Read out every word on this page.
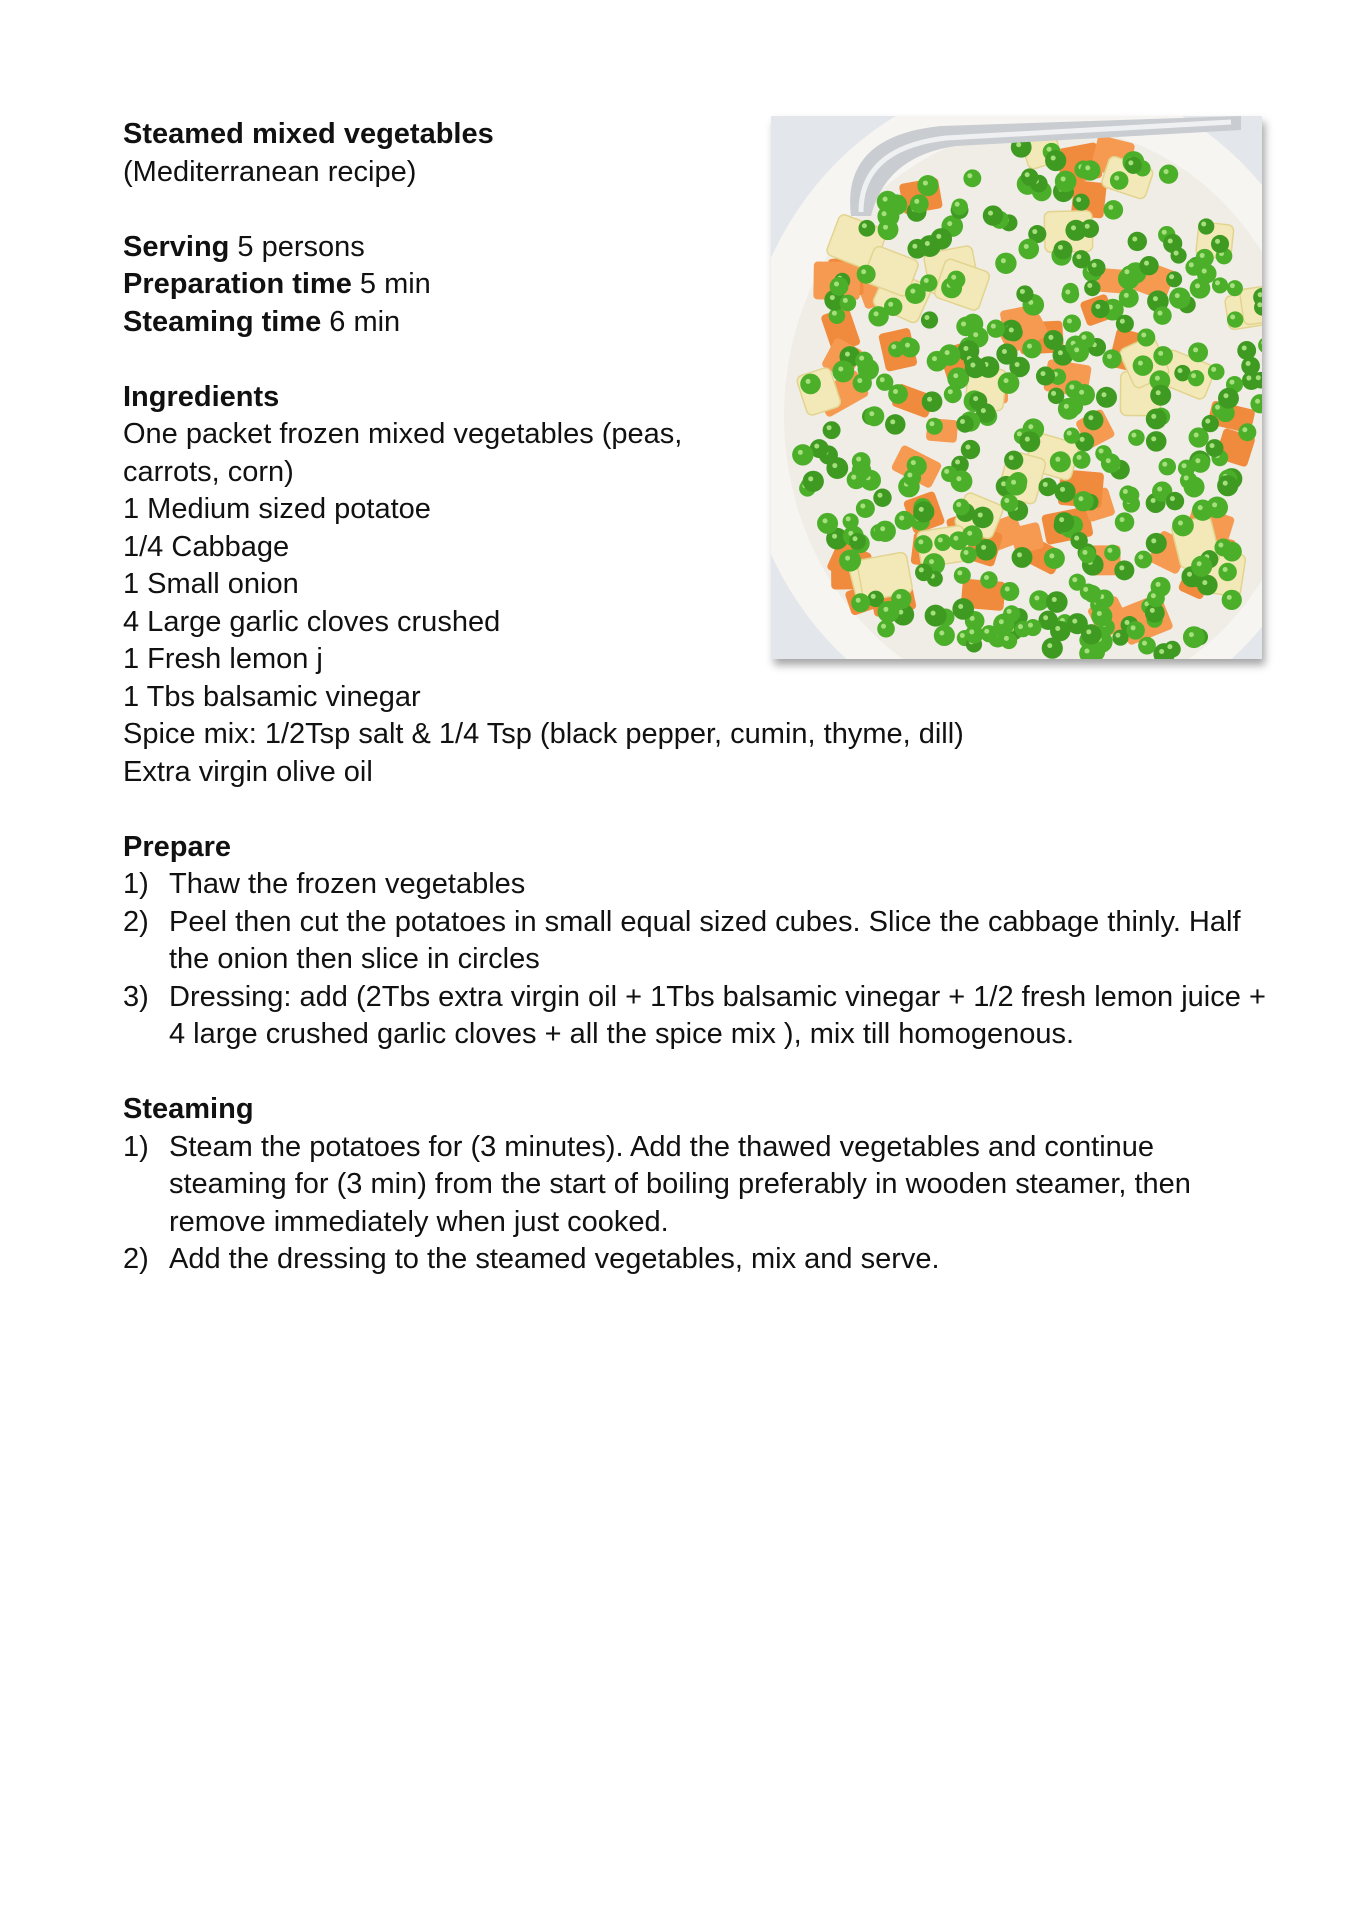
Steamed mixed vegetables
(Mediterranean recipe)
Serving 5 persons
Preparation time 5 min
Steaming time 6 min
Ingredients
One packet frozen mixed vegetables (peas, carrots, corn)
1 Medium sized potatoe
1/4 Cabbage
1 Small onion
4 Large garlic cloves crushed
1 Fresh lemon j
1 Tbs balsamic vinegar
Spice mix: 1/2Tsp salt & 1/4 Tsp (black pepper, cumin, thyme, dill)
Extra virgin olive oil
Prepare
1) Thaw the frozen vegetables
2) Peel then cut the potatoes in small equal sized cubes. Slice the cabbage thinly. Half the onion then slice in circles
3) Dressing: add (2Tbs extra virgin oil + 1Tbs balsamic vinegar + 1/2 fresh lemon juice + 4 large crushed garlic cloves + all the spice mix ), mix till homogenous.
Steaming
1) Steam the potatoes for (3 minutes). Add the thawed vegetables and continue steaming for (3 min) from the start of boiling preferably in wooden steamer, then remove immediately when just cooked.
2) Add the dressing to the steamed vegetables, mix and serve.
